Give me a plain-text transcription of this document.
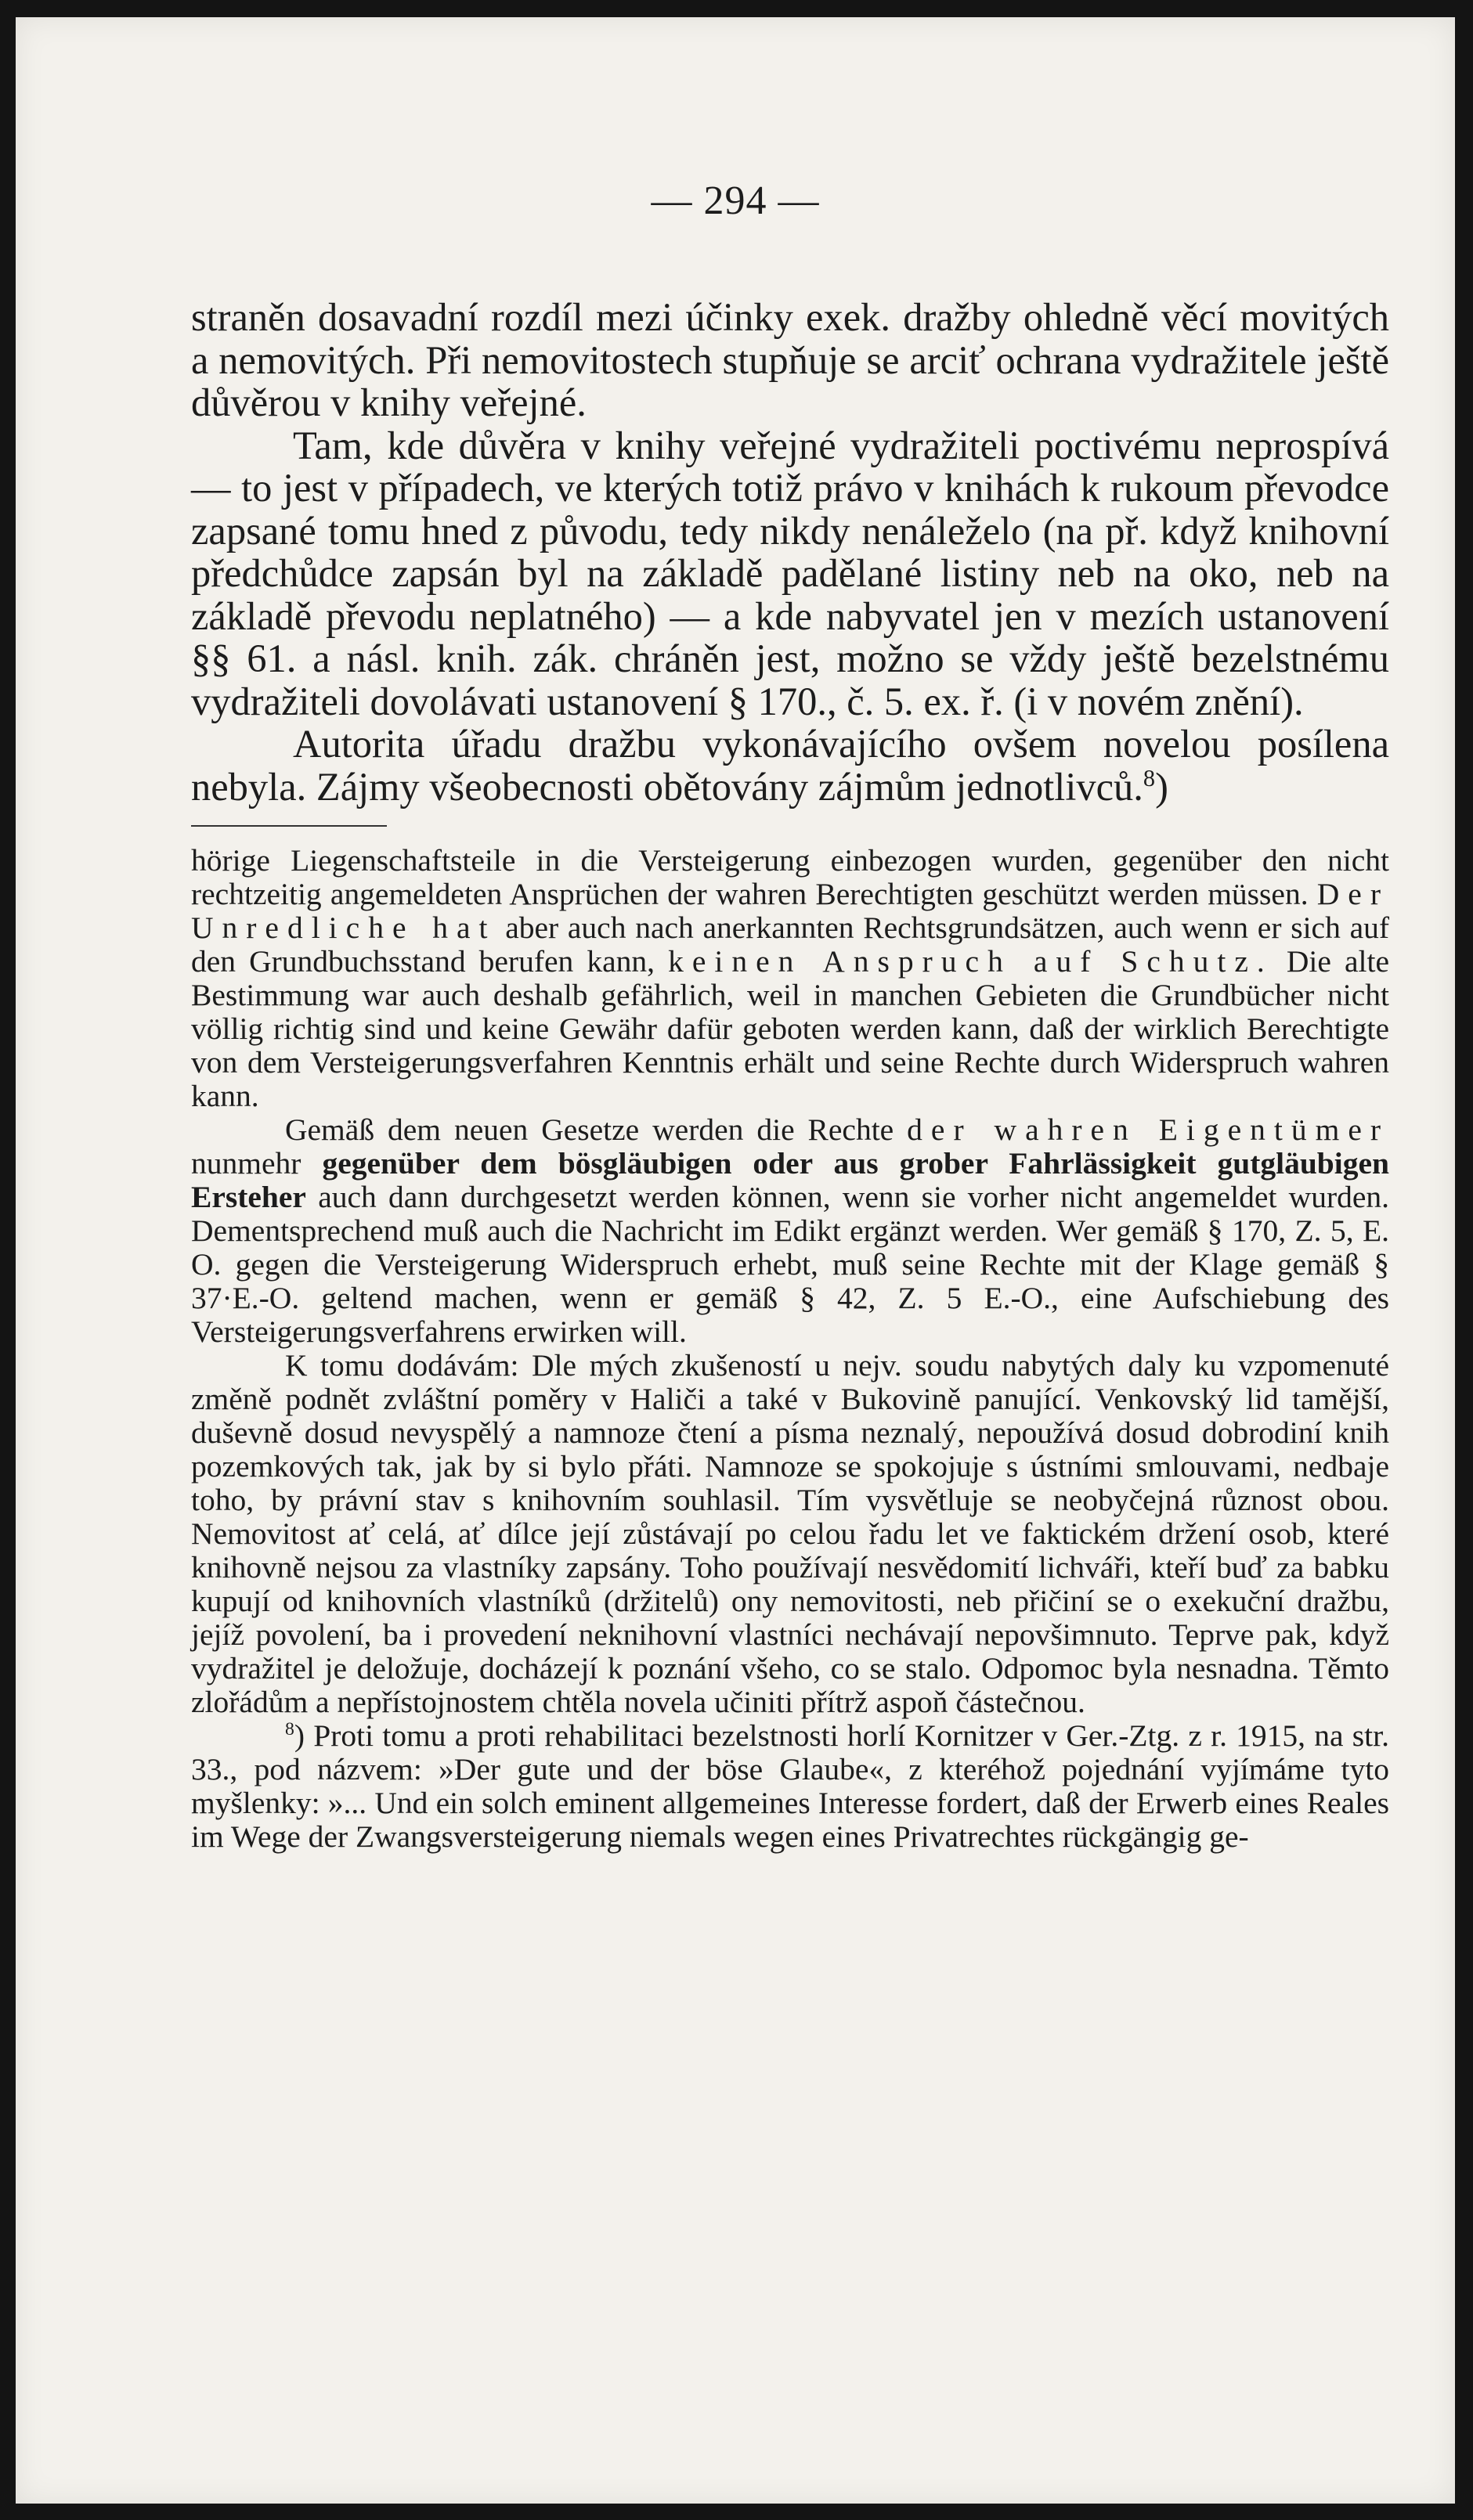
— 294 —

straněn dosavadní rozdíl mezi účinky exek. dražby ohledně věcí movitých a nemovitých. Při nemovitostech stupňuje se arciť ochrana vydražitele ještě důvěrou v knihy veřejné.

Tam, kde důvěra v knihy veřejné vydražiteli poctivému neprospívá — to jest v případech, ve kterých totiž právo v knihách k rukoum převodce zapsané tomu hned z původu, tedy nikdy nenáleželo (na př. když knihovní předchůdce zapsán byl na základě padělané listiny neb na oko, neb na základě převodu neplatného) — a kde nabyvatel jen v mezích ustanovení §§ 61. a násl. knih. zák. chráněn jest, možno se vždy ještě bezelstnému vydražiteli dovolávati ustanovení § 170., č. 5. ex. ř. (i v novém znění).

Autorita úřadu dražbu vykonávajícího ovšem novelou posílena nebyla. Zájmy všeobecnosti obětovány zájmům jednotlivců.$^8$)

hörige Liegenschaftsteile in die Versteigerung einbezogen wurden, gegenüber den nicht rechtzeitig angemeldeten Ansprüchen der wahren Berechtigten geschützt werden müssen. Der Unredliche hat aber auch nach anerkannten Rechtsgrundsätzen, auch wenn er sich auf den Grundbuchsstand berufen kann, keinen Anspruch auf Schutz. Die alte Bestimmung war auch deshalb gefährlich, weil in manchen Gebieten die Grundbücher nicht völlig richtig sind und keine Gewähr dafür geboten werden kann, daß der wirklich Berechtigte von dem Versteigerungsverfahren Kenntnis erhält und seine Rechte durch Widerspruch wahren kann.

Gemäß dem neuen Gesetze werden die Rechte der wahren Eigentümer nunmehr gegenüber dem bösgläubigen oder aus grober Fahrlässigkeit gutgläubigen Ersteher auch dann durchgesetzt werden können, wenn sie vorher nicht angemeldet wurden. Dementsprechend muß auch die Nachricht im Edikt ergänzt werden. Wer gemäß § 170, Z. 5, E. O. gegen die Versteigerung Widerspruch erhebt, muß seine Rechte mit der Klage gemäß § 37·E.-O. geltend machen, wenn er gemäß § 42, Z. 5 E.-O., eine Aufschiebung des Versteigerungsverfahrens erwirken will.

K tomu dodávám: Dle mých zkušeností u nejv. soudu nabytých daly ku vzpomenuté změně podnět zvláštní poměry v Haliči a také v Bukovině panující. Venkovský lid tamější, duševně dosud nevyspělý a namnoze čtení a písma neznalý, nepoužívá dosud dobrodiní knih pozemkových tak, jak by si bylo přáti. Namnoze se spokojuje s ústními smlouvami, nedbaje toho, by právní stav s knihovním souhlasil. Tím vysvětluje se neobyčejná různost obou. Nemovitost ať celá, ať dílce její zůstávají po celou řadu let ve faktickém držení osob, které knihovně nejsou za vlastníky zapsány. Toho používají nesvědomití lichváři, kteří buď za babku kupují od knihovních vlastníků (držitelů) ony nemovitosti, neb přičiní se o exekuční dražbu, jejíž povolení, ba i provedení neknihovní vlastníci nechávají nepovšimnuto. Teprve pak, když vydražitel je deložuje, docházejí k poznání všeho, co se stalo. Odpomoc byla nesnadna. Těmto zlořádům a nepřístojnostem chtěla novela učiniti přítrž aspoň částečnou.

$^8$) Proti tomu a proti rehabilitaci bezelstnosti horlí Kornitzer v Ger.-Ztg. z r. 1915, na str. 33., pod názvem: »Der gute und der böse Glaube«, z kteréhož pojednání vyjímáme tyto myšlenky: »... Und ein solch eminent allgemeines Interesse fordert, daß der Erwerb eines Reales im Wege der Zwangsversteigerung niemals wegen eines Privatrechtes rückgängig ge-
